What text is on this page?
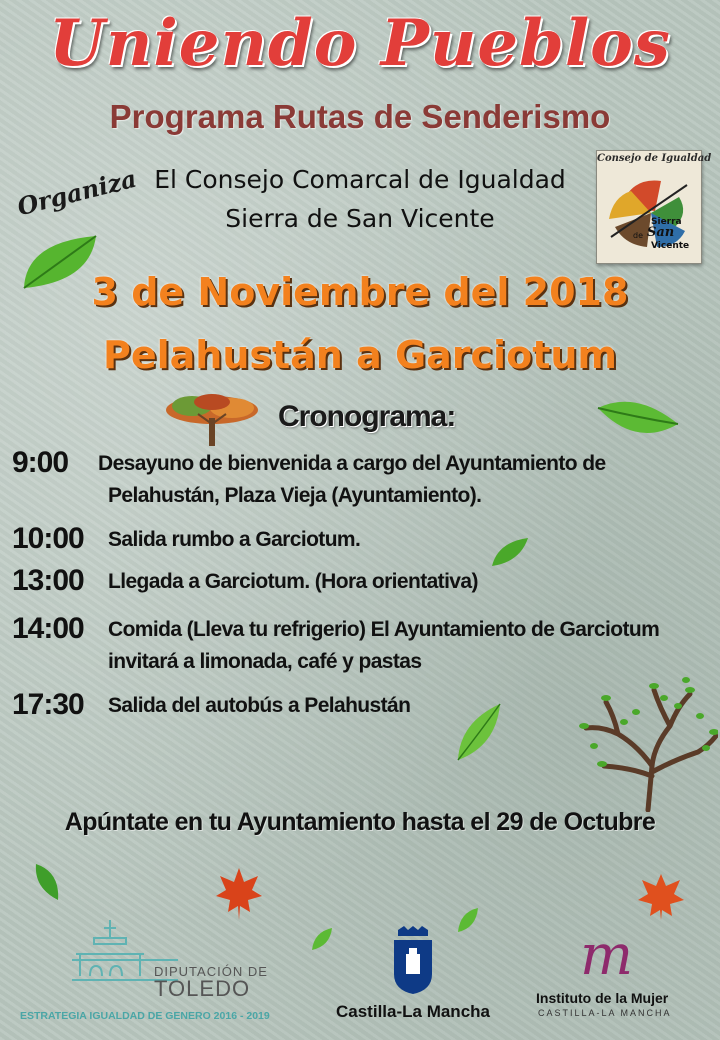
Uniendo Pueblos
Programa Rutas de Senderismo
Organiza El Consejo Comarcal de Igualdad
Sierra de San Vicente
Consejo de Igualdad
Sierra
de San
Vicente
3 de Noviembre del 2018
Pelahustán a Garciotum
Cronograma:
9:00 Desayuno de bienvenida a cargo del Ayuntamiento de
Pelahustán, Plaza Vieja (Ayuntamiento).
10:00 Salida rumbo a Garciotum.
13:00 Llegada a Garciotum. (Hora orientativa)
14:00 Comida (Lleva tu refrigerio) El Ayuntamiento de Garciotum
invitará a limonada, café y pastas
17:30 Salida del autobús a Pelahustán
Apúntate en tu Ayuntamiento hasta el 29 de Octubre
DIPUTACIÓN DE
TOLEDO
ESTRATEGIA IGUALDAD DE GENERO 2016 - 2019	Castilla-La Mancha
m
Instituto de la Mujer
CASTILLA-LA MANCHA
